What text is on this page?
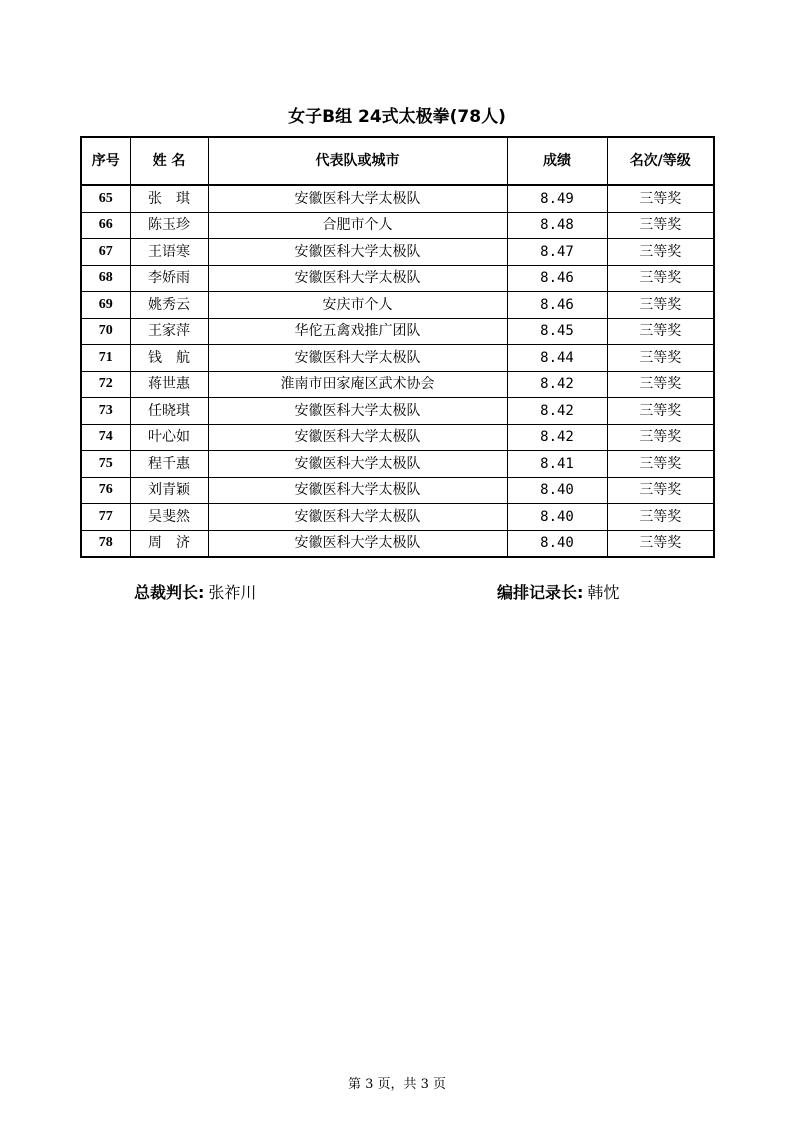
女子B组 24式太极拳(78人)
序号	姓 名	代表队或城市	成绩	名次/等级
65	张　琪	安徽医科大学太极队	8.49	三等奖
66	陈玉珍	合肥市个人	8.48	三等奖
67	王语寒	安徽医科大学太极队	8.47	三等奖
68	李娇雨	安徽医科大学太极队	8.46	三等奖
69	姚秀云	安庆市个人	8.46	三等奖
70	王家萍	华佗五禽戏推广团队	8.45	三等奖
71	钱　航	安徽医科大学太极队	8.44	三等奖
72	蒋世惠	淮南市田家庵区武术协会	8.42	三等奖
73	任晓琪	安徽医科大学太极队	8.42	三等奖
74	叶心如	安徽医科大学太极队	8.42	三等奖
75	程千惠	安徽医科大学太极队	8.41	三等奖
76	刘青颖	安徽医科大学太极队	8.40	三等奖
77	吴斐然	安徽医科大学太极队	8.40	三等奖
78	周　济	安徽医科大学太极队	8.40	三等奖
总裁判长: 张祚川	编排记录长: 韩忱
第 3 页，共 3 页
